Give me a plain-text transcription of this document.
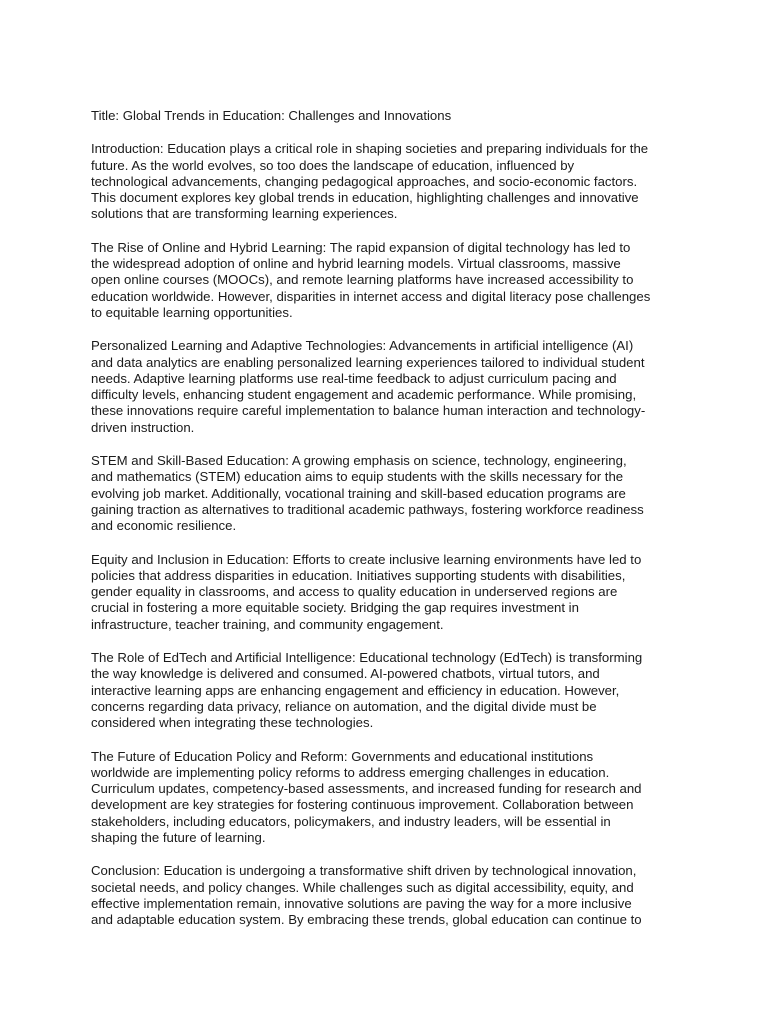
Title: Global Trends in Education: Challenges and Innovations

Introduction: Education plays a critical role in shaping societies and preparing individuals for the
future. As the world evolves, so too does the landscape of education, influenced by
technological advancements, changing pedagogical approaches, and socio-economic factors.
This document explores key global trends in education, highlighting challenges and innovative
solutions that are transforming learning experiences.

The Rise of Online and Hybrid Learning: The rapid expansion of digital technology has led to
the widespread adoption of online and hybrid learning models. Virtual classrooms, massive
open online courses (MOOCs), and remote learning platforms have increased accessibility to
education worldwide. However, disparities in internet access and digital literacy pose challenges
to equitable learning opportunities.

Personalized Learning and Adaptive Technologies: Advancements in artificial intelligence (AI)
and data analytics are enabling personalized learning experiences tailored to individual student
needs. Adaptive learning platforms use real-time feedback to adjust curriculum pacing and
difficulty levels, enhancing student engagement and academic performance. While promising,
these innovations require careful implementation to balance human interaction and technology-
driven instruction.

STEM and Skill-Based Education: A growing emphasis on science, technology, engineering,
and mathematics (STEM) education aims to equip students with the skills necessary for the
evolving job market. Additionally, vocational training and skill-based education programs are
gaining traction as alternatives to traditional academic pathways, fostering workforce readiness
and economic resilience.

Equity and Inclusion in Education: Efforts to create inclusive learning environments have led to
policies that address disparities in education. Initiatives supporting students with disabilities,
gender equality in classrooms, and access to quality education in underserved regions are
crucial in fostering a more equitable society. Bridging the gap requires investment in
infrastructure, teacher training, and community engagement.

The Role of EdTech and Artificial Intelligence: Educational technology (EdTech) is transforming
the way knowledge is delivered and consumed. AI-powered chatbots, virtual tutors, and
interactive learning apps are enhancing engagement and efficiency in education. However,
concerns regarding data privacy, reliance on automation, and the digital divide must be
considered when integrating these technologies.

The Future of Education Policy and Reform: Governments and educational institutions
worldwide are implementing policy reforms to address emerging challenges in education.
Curriculum updates, competency-based assessments, and increased funding for research and
development are key strategies for fostering continuous improvement. Collaboration between
stakeholders, including educators, policymakers, and industry leaders, will be essential in
shaping the future of learning.

Conclusion: Education is undergoing a transformative shift driven by technological innovation,
societal needs, and policy changes. While challenges such as digital accessibility, equity, and
effective implementation remain, innovative solutions are paving the way for a more inclusive
and adaptable education system. By embracing these trends, global education can continue to
